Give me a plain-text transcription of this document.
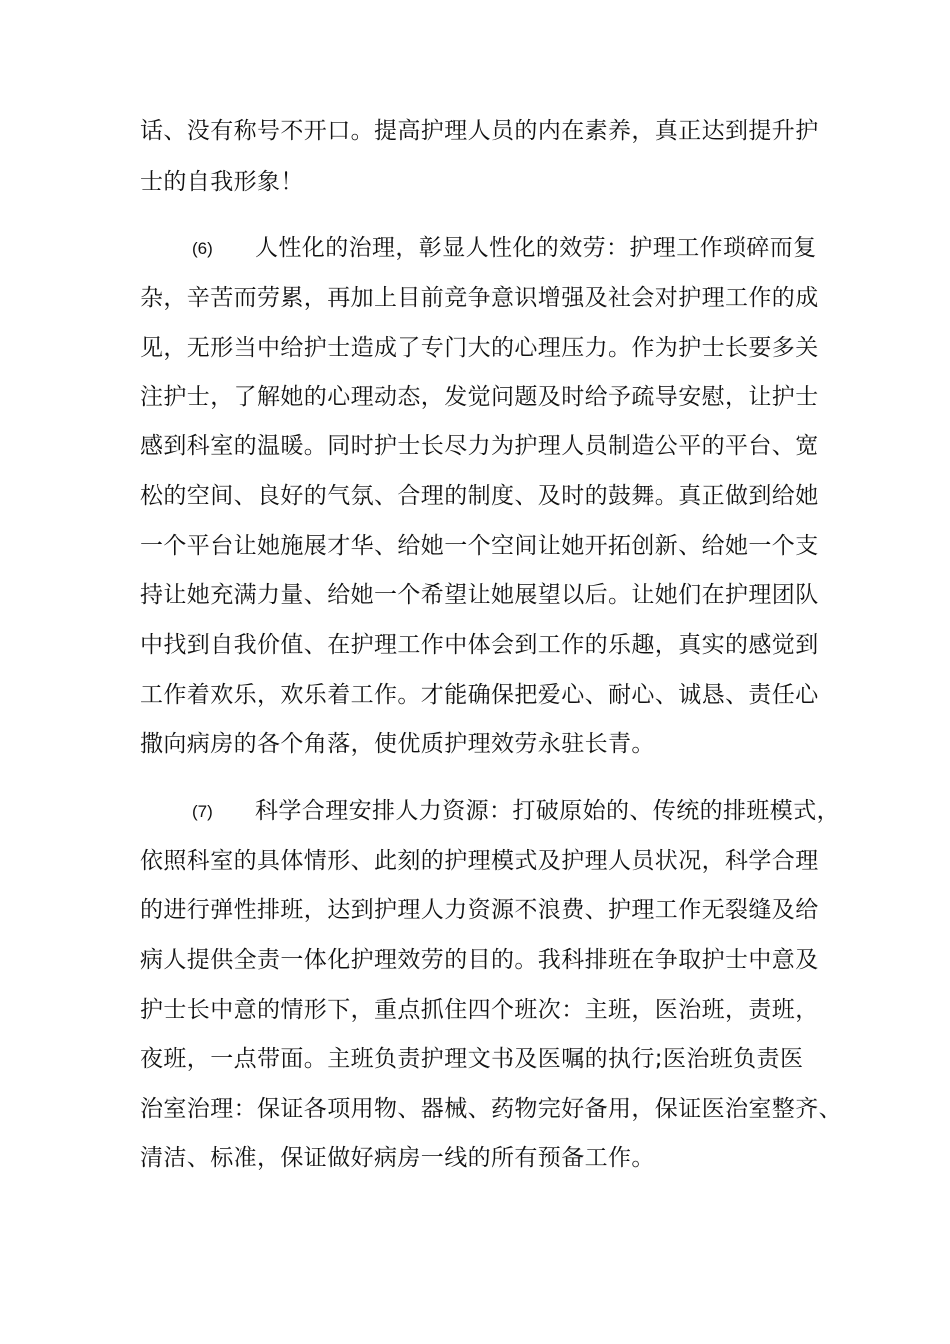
话、没有称号不开口。提高护理人员的内在素养，真正达到提升护
士的自我形象！
(6) 人性化的治理，彰显人性化的效劳：护理工作琐碎而复
杂，辛苦而劳累，再加上目前竞争意识增强及社会对护理工作的成
见，无形当中给护士造成了专门大的心理压力。作为护士长要多关
注护士，了解她的心理动态，发觉问题及时给予疏导安慰，让护士
感到科室的温暖。同时护士长尽力为护理人员制造公平的平台、宽
松的空间、良好的气氛、合理的制度、及时的鼓舞。真正做到给她
一个平台让她施展才华、给她一个空间让她开拓创新、给她一个支
持让她充满力量、给她一个希望让她展望以后。让她们在护理团队
中找到自我价值、在护理工作中体会到工作的乐趣，真实的感觉到
工作着欢乐，欢乐着工作。才能确保把爱心、耐心、诚恳、责任心
撒向病房的各个角落，使优质护理效劳永驻长青。
(7) 科学合理安排人力资源：打破原始的、传统的排班模式，
依照科室的具体情形、此刻的护理模式及护理人员状况，科学合理
的进行弹性排班，达到护理人力资源不浪费、护理工作无裂缝及给
病人提供全责一体化护理效劳的目的。我科排班在争取护士中意及
护士长中意的情形下，重点抓住四个班次：主班，医治班，责班，
夜班，一点带面。主班负责护理文书及医嘱的执行;医治班负责医
治室治理：保证各项用物、器械、药物完好备用，保证医治室整齐、
清洁、标准，保证做好病房一线的所有预备工作。
